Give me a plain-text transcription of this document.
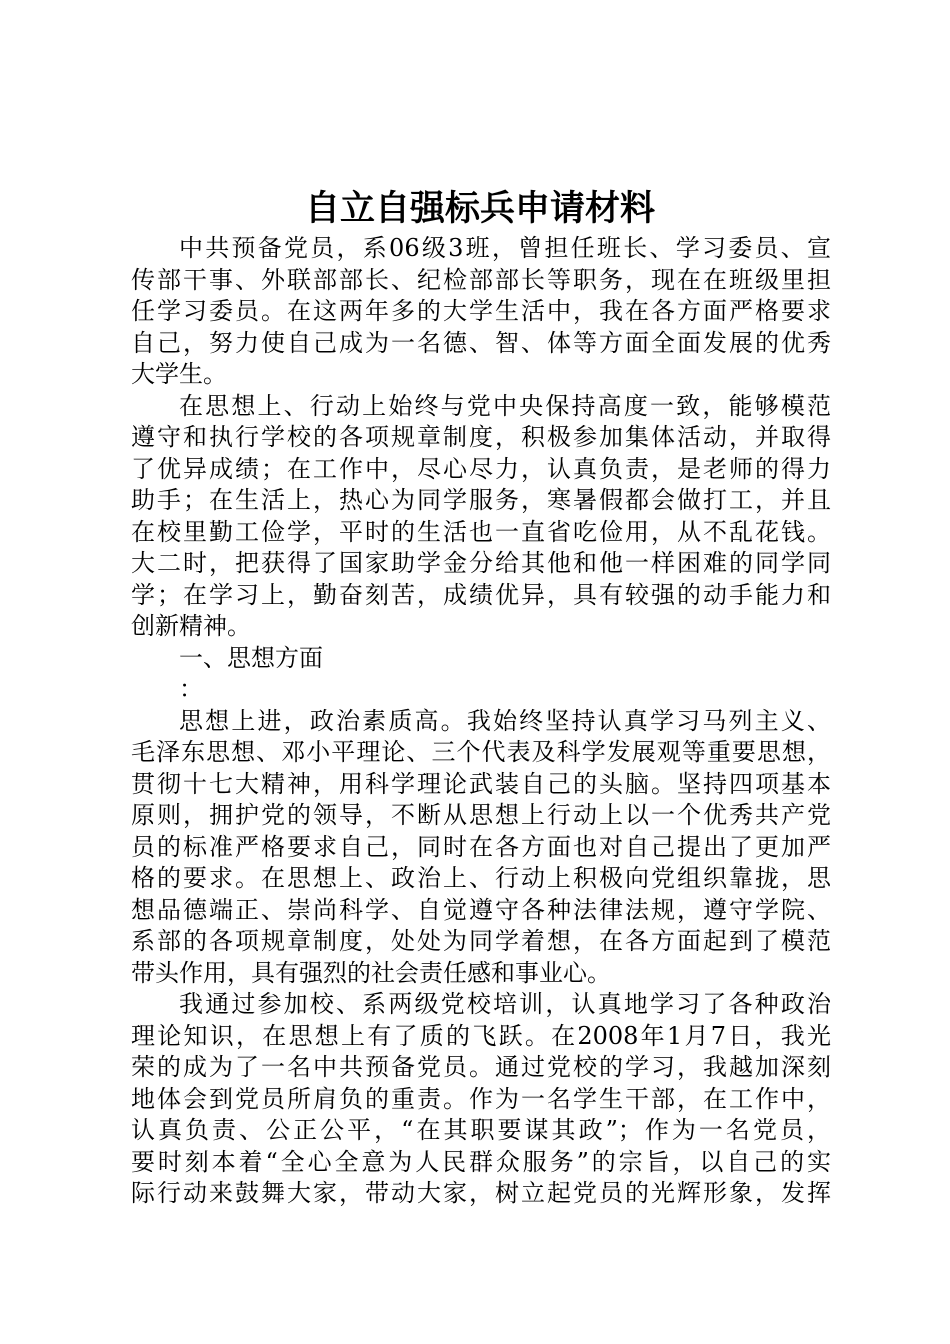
自立自强标兵申请材料
中共预备党员，系06级3班，曾担任班长、学习委员、宣
传部干事、外联部部长、纪检部部长等职务，现在在班级里担
任学习委员。在这两年多的大学生活中，我在各方面严格要求
自己，努力使自己成为一名德、智、体等方面全面发展的优秀
大学生。
在思想上、行动上始终与党中央保持高度一致，能够模范
遵守和执行学校的各项规章制度，积极参加集体活动，并取得
了优异成绩；在工作中，尽心尽力，认真负责，是老师的得力
助手；在生活上，热心为同学服务，寒暑假都会做打工，并且
在校里勤工俭学，平时的生活也一直省吃俭用，从不乱花钱。
大二时，把获得了国家助学金分给其他和他一样困难的同学同
学；在学习上，勤奋刻苦，成绩优异，具有较强的动手能力和
创新精神。
一、思想方面
：
思想上进，政治素质高。我始终坚持认真学习马列主义、
毛泽东思想、邓小平理论、三个代表及科学发展观等重要思想，
贯彻十七大精神，用科学理论武装自己的头脑。坚持四项基本
原则，拥护党的领导，不断从思想上行动上以一个优秀共产党
员的标准严格要求自己，同时在各方面也对自己提出了更加严
格的要求。在思想上、政治上、行动上积极向党组织靠拢，思
想品德端正、崇尚科学、自觉遵守各种法律法规，遵守学院、
系部的各项规章制度，处处为同学着想，在各方面起到了模范
带头作用，具有强烈的社会责任感和事业心。
我通过参加校、系两级党校培训，认真地学习了各种政治
理论知识，在思想上有了质的飞跃。在2008年1月7日，我光
荣的成为了一名中共预备党员。通过党校的学习，我越加深刻
地体会到党员所肩负的重责。作为一名学生干部，在工作中，
认真负责、公正公平，“在其职要谋其政”；作为一名党员，
要时刻本着“全心全意为人民群众服务”的宗旨，以自己的实
际行动来鼓舞大家，带动大家，树立起党员的光辉形象，发挥
